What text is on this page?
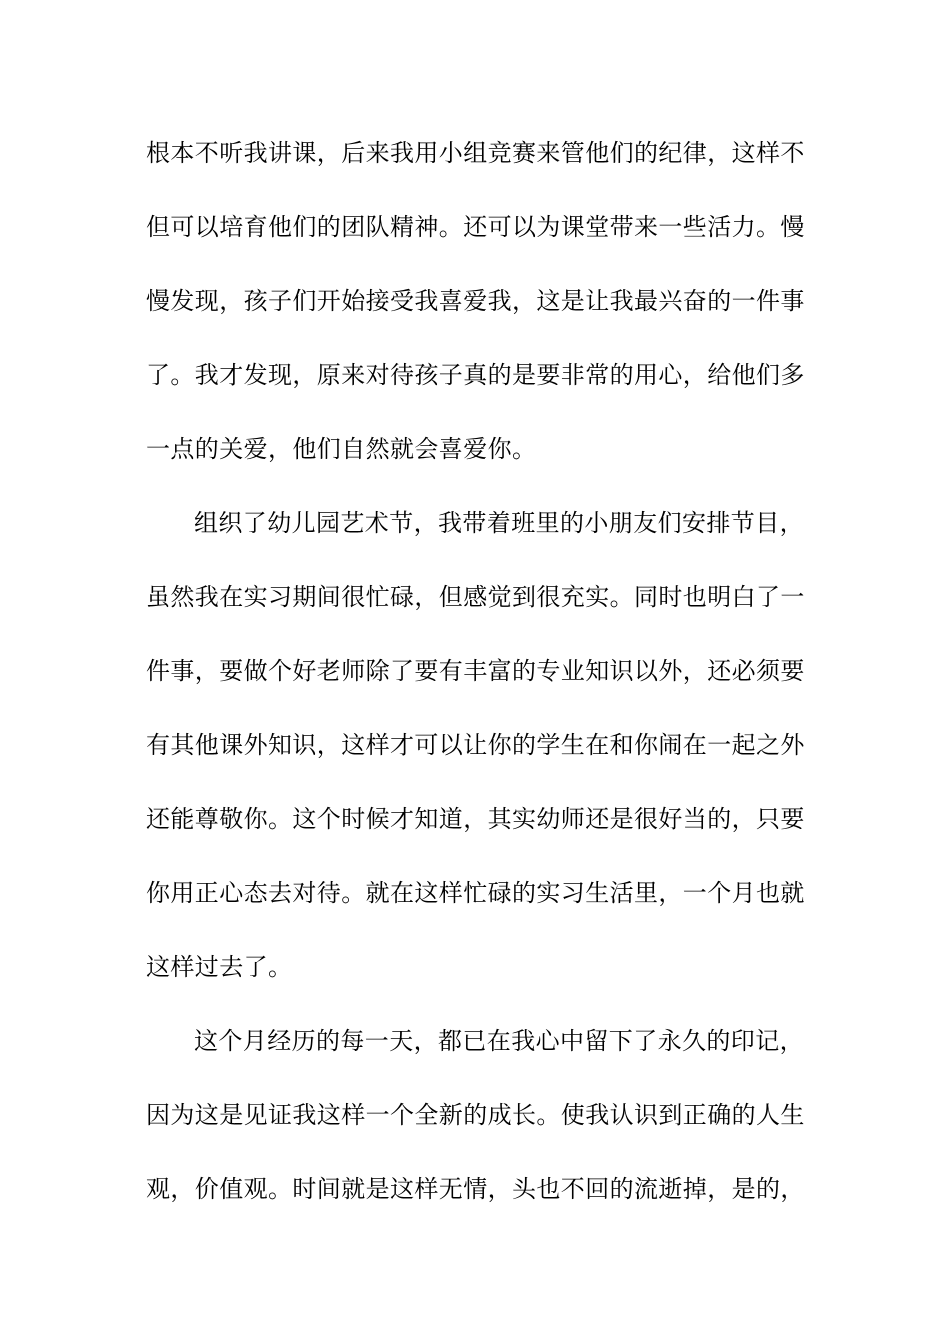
根本不听我讲课，后来我用小组竞赛来管他们的纪律，这样不
但可以培育他们的团队精神。还可以为课堂带来一些活力。慢
慢发现，孩子们开始接受我喜爱我，这是让我最兴奋的一件事
了。我才发现，原来对待孩子真的是要非常的用心，给他们多
一点的关爱，他们自然就会喜爱你。
组织了幼儿园艺术节，我带着班里的小朋友们安排节目，
虽然我在实习期间很忙碌，但感觉到很充实。同时也明白了一
件事，要做个好老师除了要有丰富的专业知识以外，还必须要
有其他课外知识，这样才可以让你的学生在和你闹在一起之外
还能尊敬你。这个时候才知道，其实幼师还是很好当的，只要
你用正心态去对待。就在这样忙碌的实习生活里，一个月也就
这样过去了。
这个月经历的每一天，都已在我心中留下了永久的印记，
因为这是见证我这样一个全新的成长。使我认识到正确的人生
观，价值观。时间就是这样无情，头也不回的流逝掉，是的，
